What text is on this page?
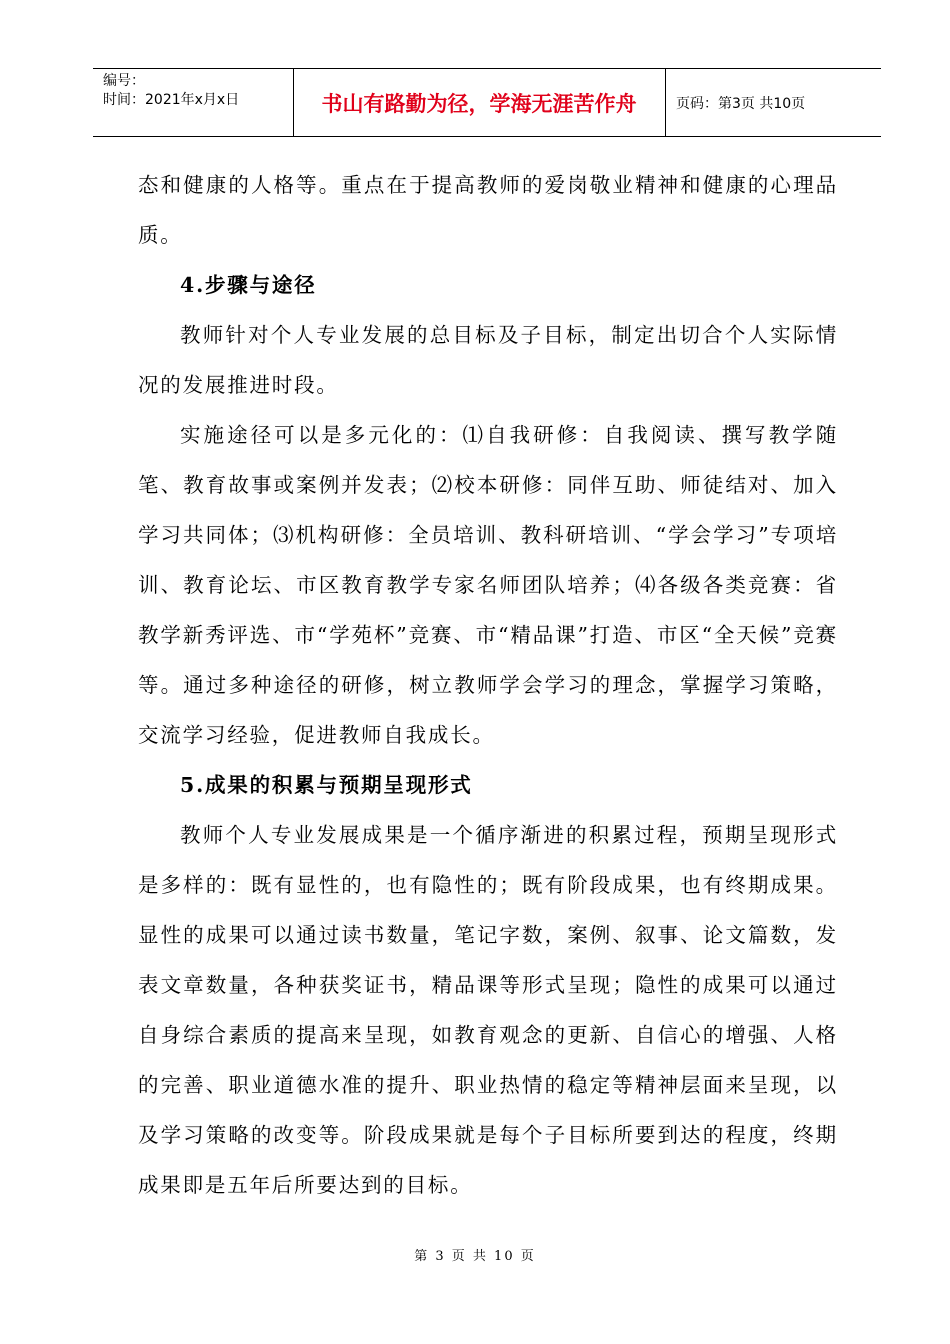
编号：
时间：2021年x月x日	书山有路勤为径，学海无涯苦作舟	页码：第3页 共10页

态和健康的人格等。重点在于提高教师的爱岗敬业精神和健康的心理品质。

4.步骤与途径

教师针对个人专业发展的总目标及子目标，制定出切合个人实际情况的发展推进时段。

实施途径可以是多元化的：⑴自我研修：自我阅读、撰写教学随笔、教育故事或案例并发表；⑵校本研修：同伴互助、师徒结对、加入学习共同体；⑶机构研修：全员培训、教科研培训、“学会学习”专项培训、教育论坛、市区教育教学专家名师团队培养；⑷各级各类竞赛：省教学新秀评选、市“学苑杯”竞赛、市“精品课”打造、市区“全天候”竞赛等。通过多种途径的研修，树立教师学会学习的理念，掌握学习策略，交流学习经验，促进教师自我成长。

5.成果的积累与预期呈现形式

教师个人专业发展成果是一个循序渐进的积累过程，预期呈现形式是多样的：既有显性的，也有隐性的；既有阶段成果，也有终期成果。显性的成果可以通过读书数量，笔记字数，案例、叙事、论文篇数，发表文章数量，各种获奖证书，精品课等形式呈现；隐性的成果可以通过自身综合素质的提高来呈现，如教育观念的更新、自信心的增强、人格的完善、职业道德水准的提升、职业热情的稳定等精神层面来呈现，以及学习策略的改变等。阶段成果就是每个子目标所要到达的程度，终期成果即是五年后所要达到的目标。

第 3 页 共 10 页
